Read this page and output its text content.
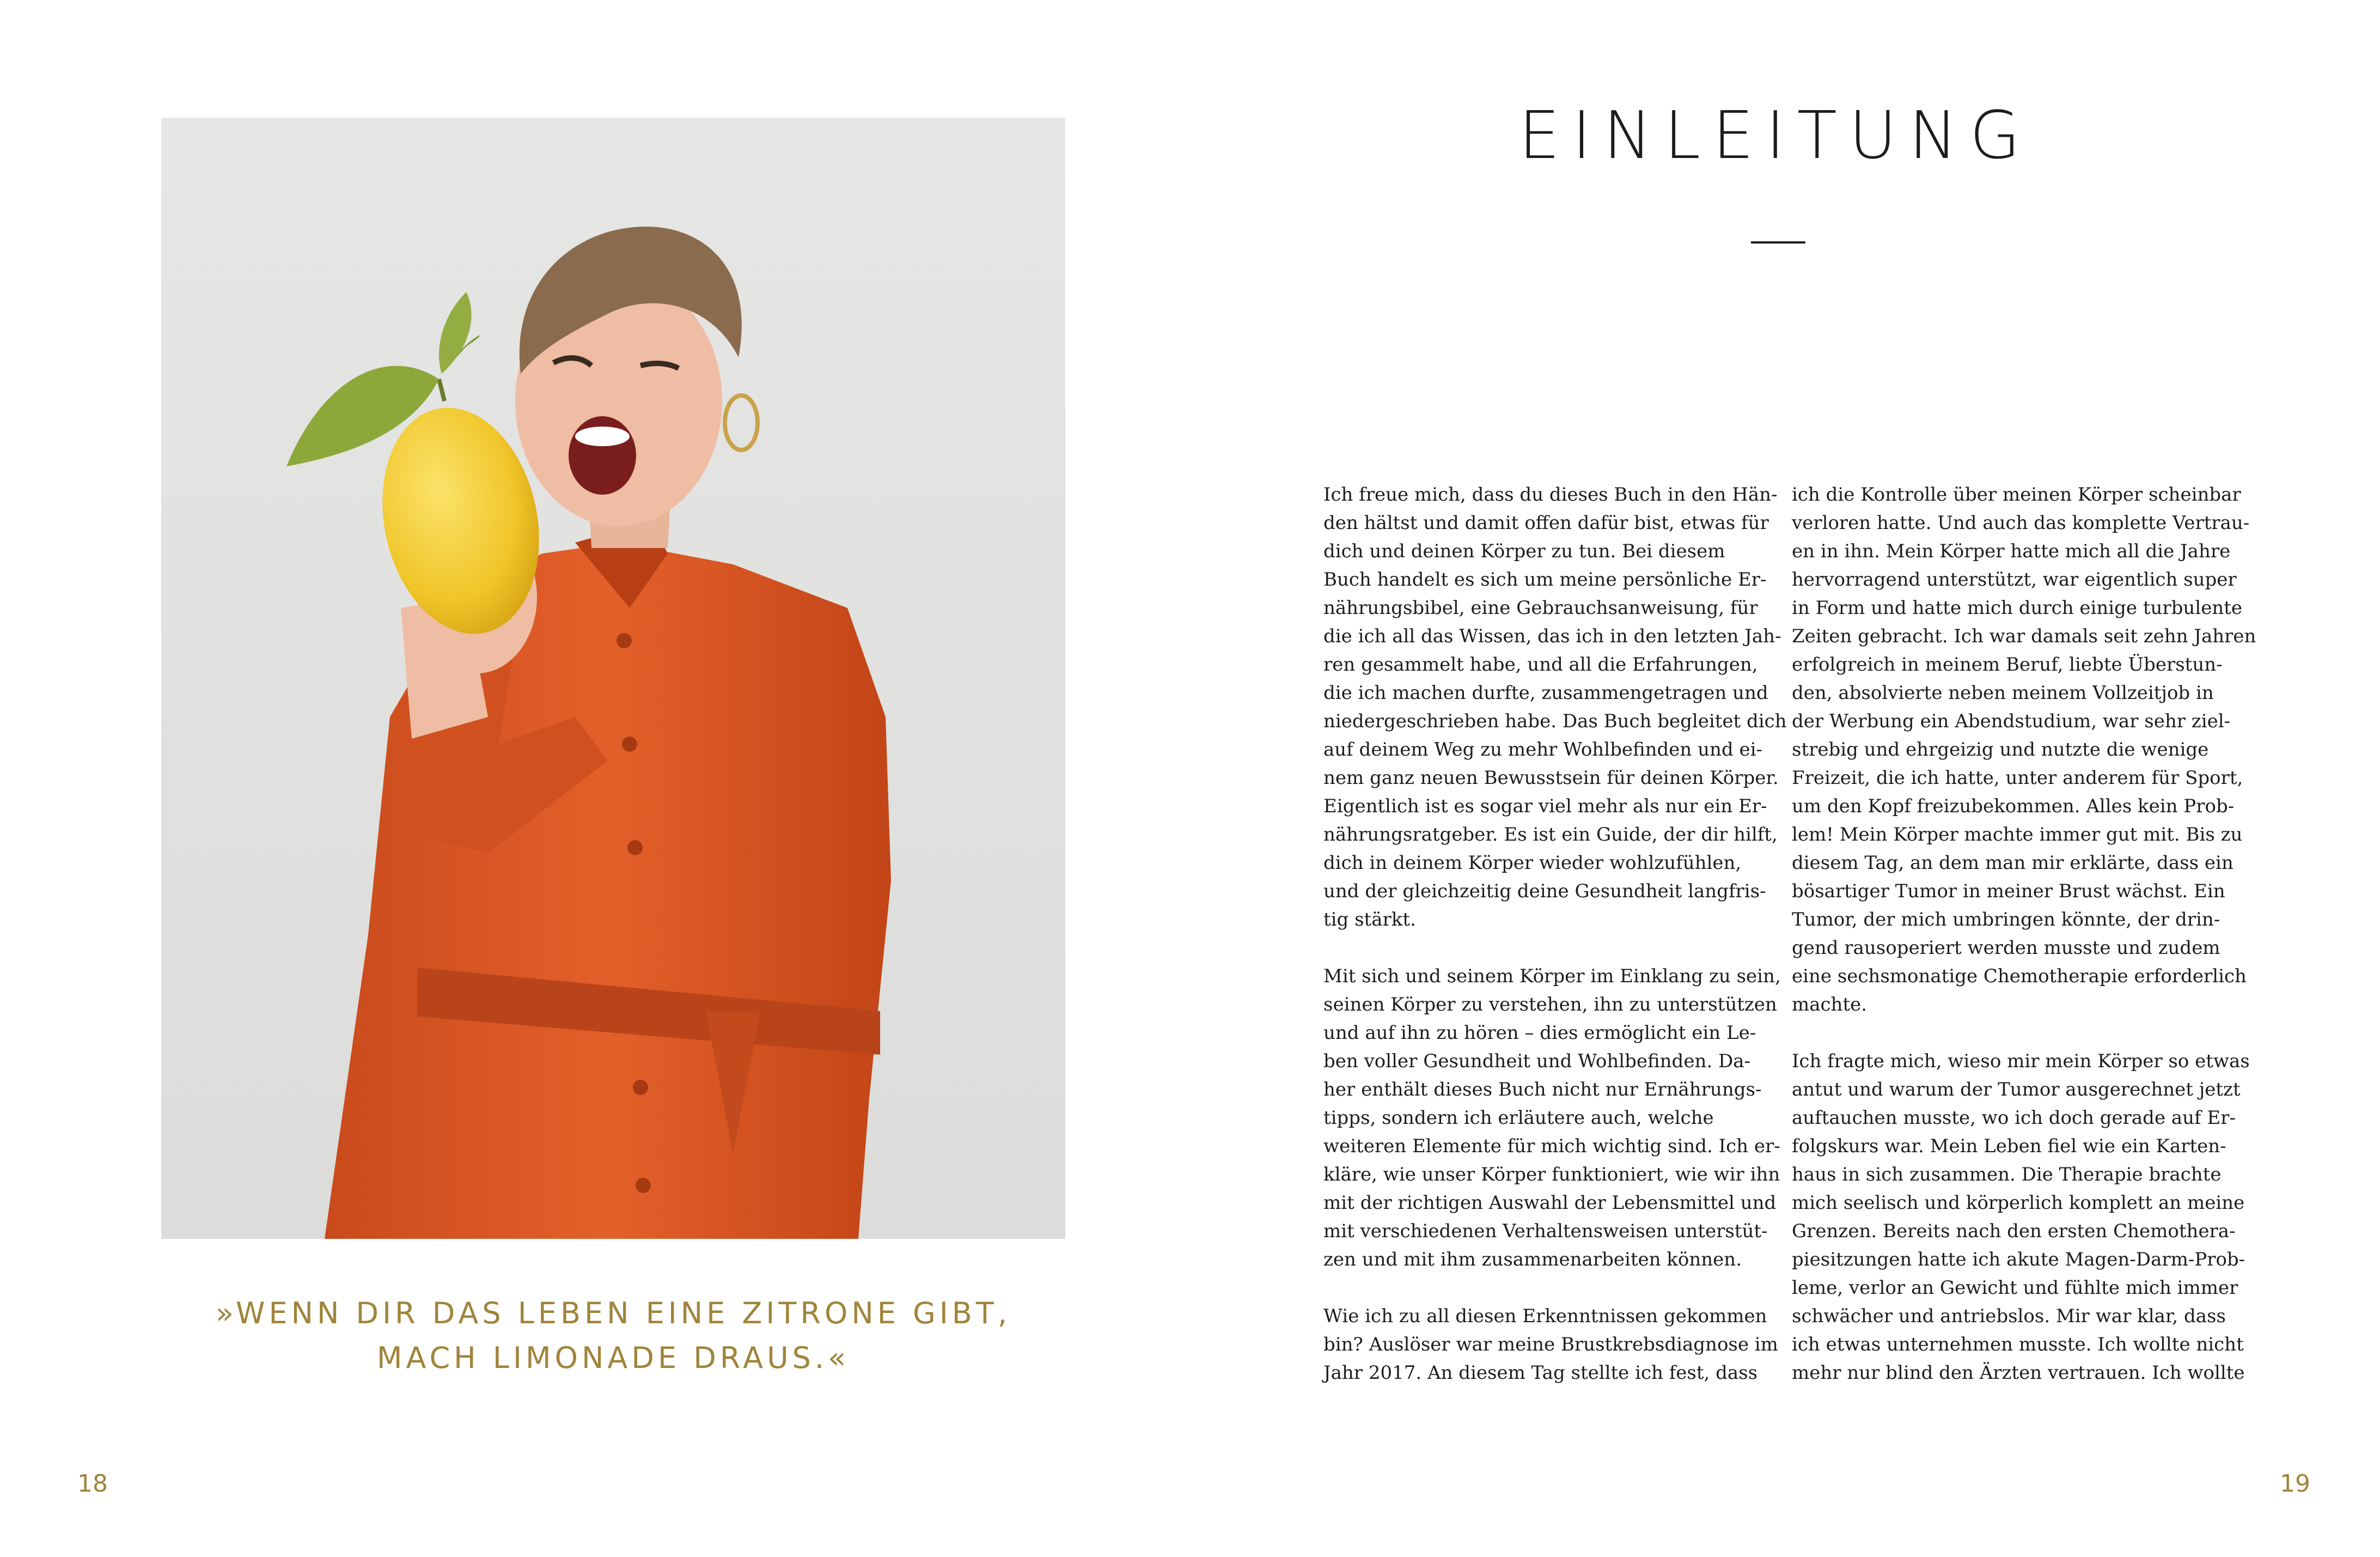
»WENN DIR DAS LEBEN EINE ZITRONE GIBT,
MACH LIMONADE DRAUS.«
18
EINLEITUNG

Ich freue mich, dass du dieses Buch in den Hän-
den hältst und damit offen dafür bist, etwas für
dich und deinen Körper zu tun. Bei diesem
Buch handelt es sich um meine persönliche Er-
nährungsbibel, eine Gebrauchsanweisung, für
die ich all das Wissen, das ich in den letzten Jah-
ren gesammelt habe, und all die Erfahrungen,
die ich machen durfte, zusammengetragen und
niedergeschrieben habe. Das Buch begleitet dich
auf deinem Weg zu mehr Wohlbefinden und ei-
nem ganz neuen Bewusstsein für deinen Körper.
Eigentlich ist es sogar viel mehr als nur ein Er-
nährungsratgeber. Es ist ein Guide, der dir hilft,
dich in deinem Körper wieder wohlzufühlen,
und der gleichzeitig deine Gesundheit langfris-
tig stärkt.

Mit sich und seinem Körper im Einklang zu sein,
seinen Körper zu verstehen, ihn zu unterstützen
und auf ihn zu hören – dies ermöglicht ein Le-
ben voller Gesundheit und Wohlbefinden. Da-
her enthält dieses Buch nicht nur Ernährungs-
tipps, sondern ich erläutere auch, welche
weiteren Elemente für mich wichtig sind. Ich er-
kläre, wie unser Körper funktioniert, wie wir ihn
mit der richtigen Auswahl der Lebensmittel und
mit verschiedenen Verhaltensweisen unterstüt-
zen und mit ihm zusammenarbeiten können.

Wie ich zu all diesen Erkenntnissen gekommen
bin? Auslöser war meine Brustkrebsdiagnose im
Jahr 2017. An diesem Tag stellte ich fest, dass

ich die Kontrolle über meinen Körper scheinbar
verloren hatte. Und auch das komplette Vertrau-
en in ihn. Mein Körper hatte mich all die Jahre
hervorragend unterstützt, war eigentlich super
in Form und hatte mich durch einige turbulente
Zeiten gebracht. Ich war damals seit zehn Jahren
erfolgreich in meinem Beruf, liebte Überstun-
den, absolvierte neben meinem Vollzeitjob in
der Werbung ein Abendstudium, war sehr ziel-
strebig und ehrgeizig und nutzte die wenige
Freizeit, die ich hatte, unter anderem für Sport,
um den Kopf freizubekommen. Alles kein Prob-
lem! Mein Körper machte immer gut mit. Bis zu
diesem Tag, an dem man mir erklärte, dass ein
bösartiger Tumor in meiner Brust wächst. Ein
Tumor, der mich umbringen könnte, der drin-
gend rausoperiert werden musste und zudem
eine sechsmonatige Chemotherapie erforderlich
machte.

Ich fragte mich, wieso mir mein Körper so etwas
antut und warum der Tumor ausgerechnet jetzt
auftauchen musste, wo ich doch gerade auf Er-
folgskurs war. Mein Leben fiel wie ein Karten-
haus in sich zusammen. Die Therapie brachte
mich seelisch und körperlich komplett an meine
Grenzen. Bereits nach den ersten Chemothera-
piesitzungen hatte ich akute Magen-Darm-Prob-
leme, verlor an Gewicht und fühlte mich immer
schwächer und antriebslos. Mir war klar, dass
ich etwas unternehmen musste. Ich wollte nicht
mehr nur blind den Ärzten vertrauen. Ich wollte

19
